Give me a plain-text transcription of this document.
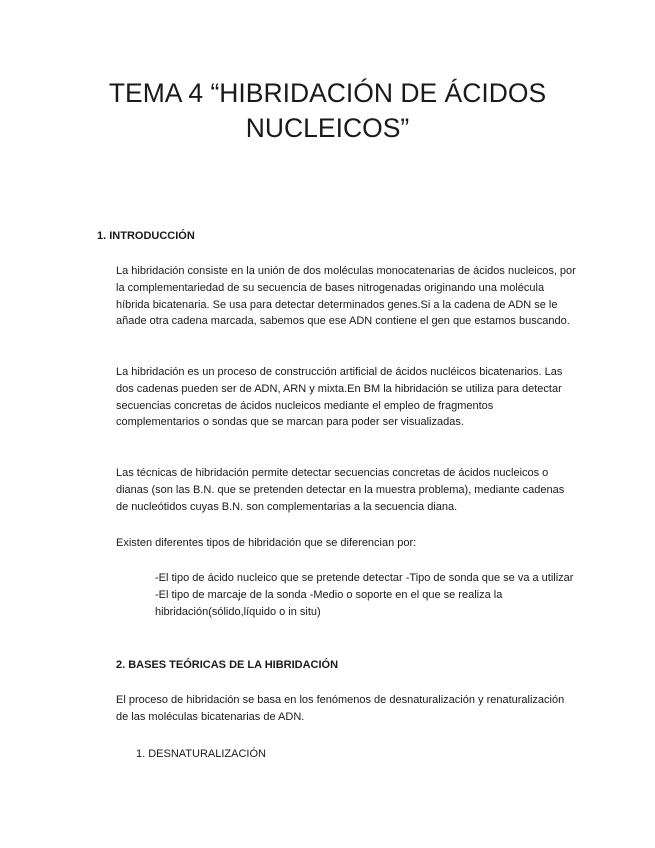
TEMA 4 “HIBRIDACIÓN DE ÁCIDOS
NUCLEICOS”

1. INTRODUCCIÓN

La hibridación consiste en la unión de dos moléculas monocatenarias de ácidos nucleicos, por la complementariedad de su secuencia de bases nitrogenadas originando una molécula híbrida bicatenaria. Se usa para detectar determinados genes.Si a la cadena de ADN se le añade otra cadena marcada, sabemos que ese ADN contiene el gen que estamos buscando.

La hibridación es un proceso de construcción artificial de ácidos nucléicos bicatenarios. Las dos cadenas pueden ser de ADN, ARN y mixta.En BM la hibridación se utiliza para detectar secuencias concretas de ácidos nucleicos mediante el empleo de fragmentos complementarios o sondas que se marcan para poder ser visualizadas.

Las técnicas de hibridación permite detectar secuencias concretas de ácidos nucleicos o dianas (son las B.N. que se pretenden detectar en la muestra problema), mediante cadenas de nucleótidos cuyas B.N. son complementarias a la secuencia diana.

Existen diferentes tipos de hibridación que se diferencian por:

-El tipo de ácido nucleico que se pretende detectar -Tipo de sonda que se va a utilizar -El tipo de marcaje de la sonda -Medio o soporte en el que se realiza la hibridación(sólido,líquido o in situ)

2. BASES TEÓRICAS DE LA HIBRIDACIÓN

El proceso de hibridación se basa en los fenómenos de desnaturalización y renaturalización de las moléculas bicatenarias de ADN.

1. DESNATURALIZACIÓN
